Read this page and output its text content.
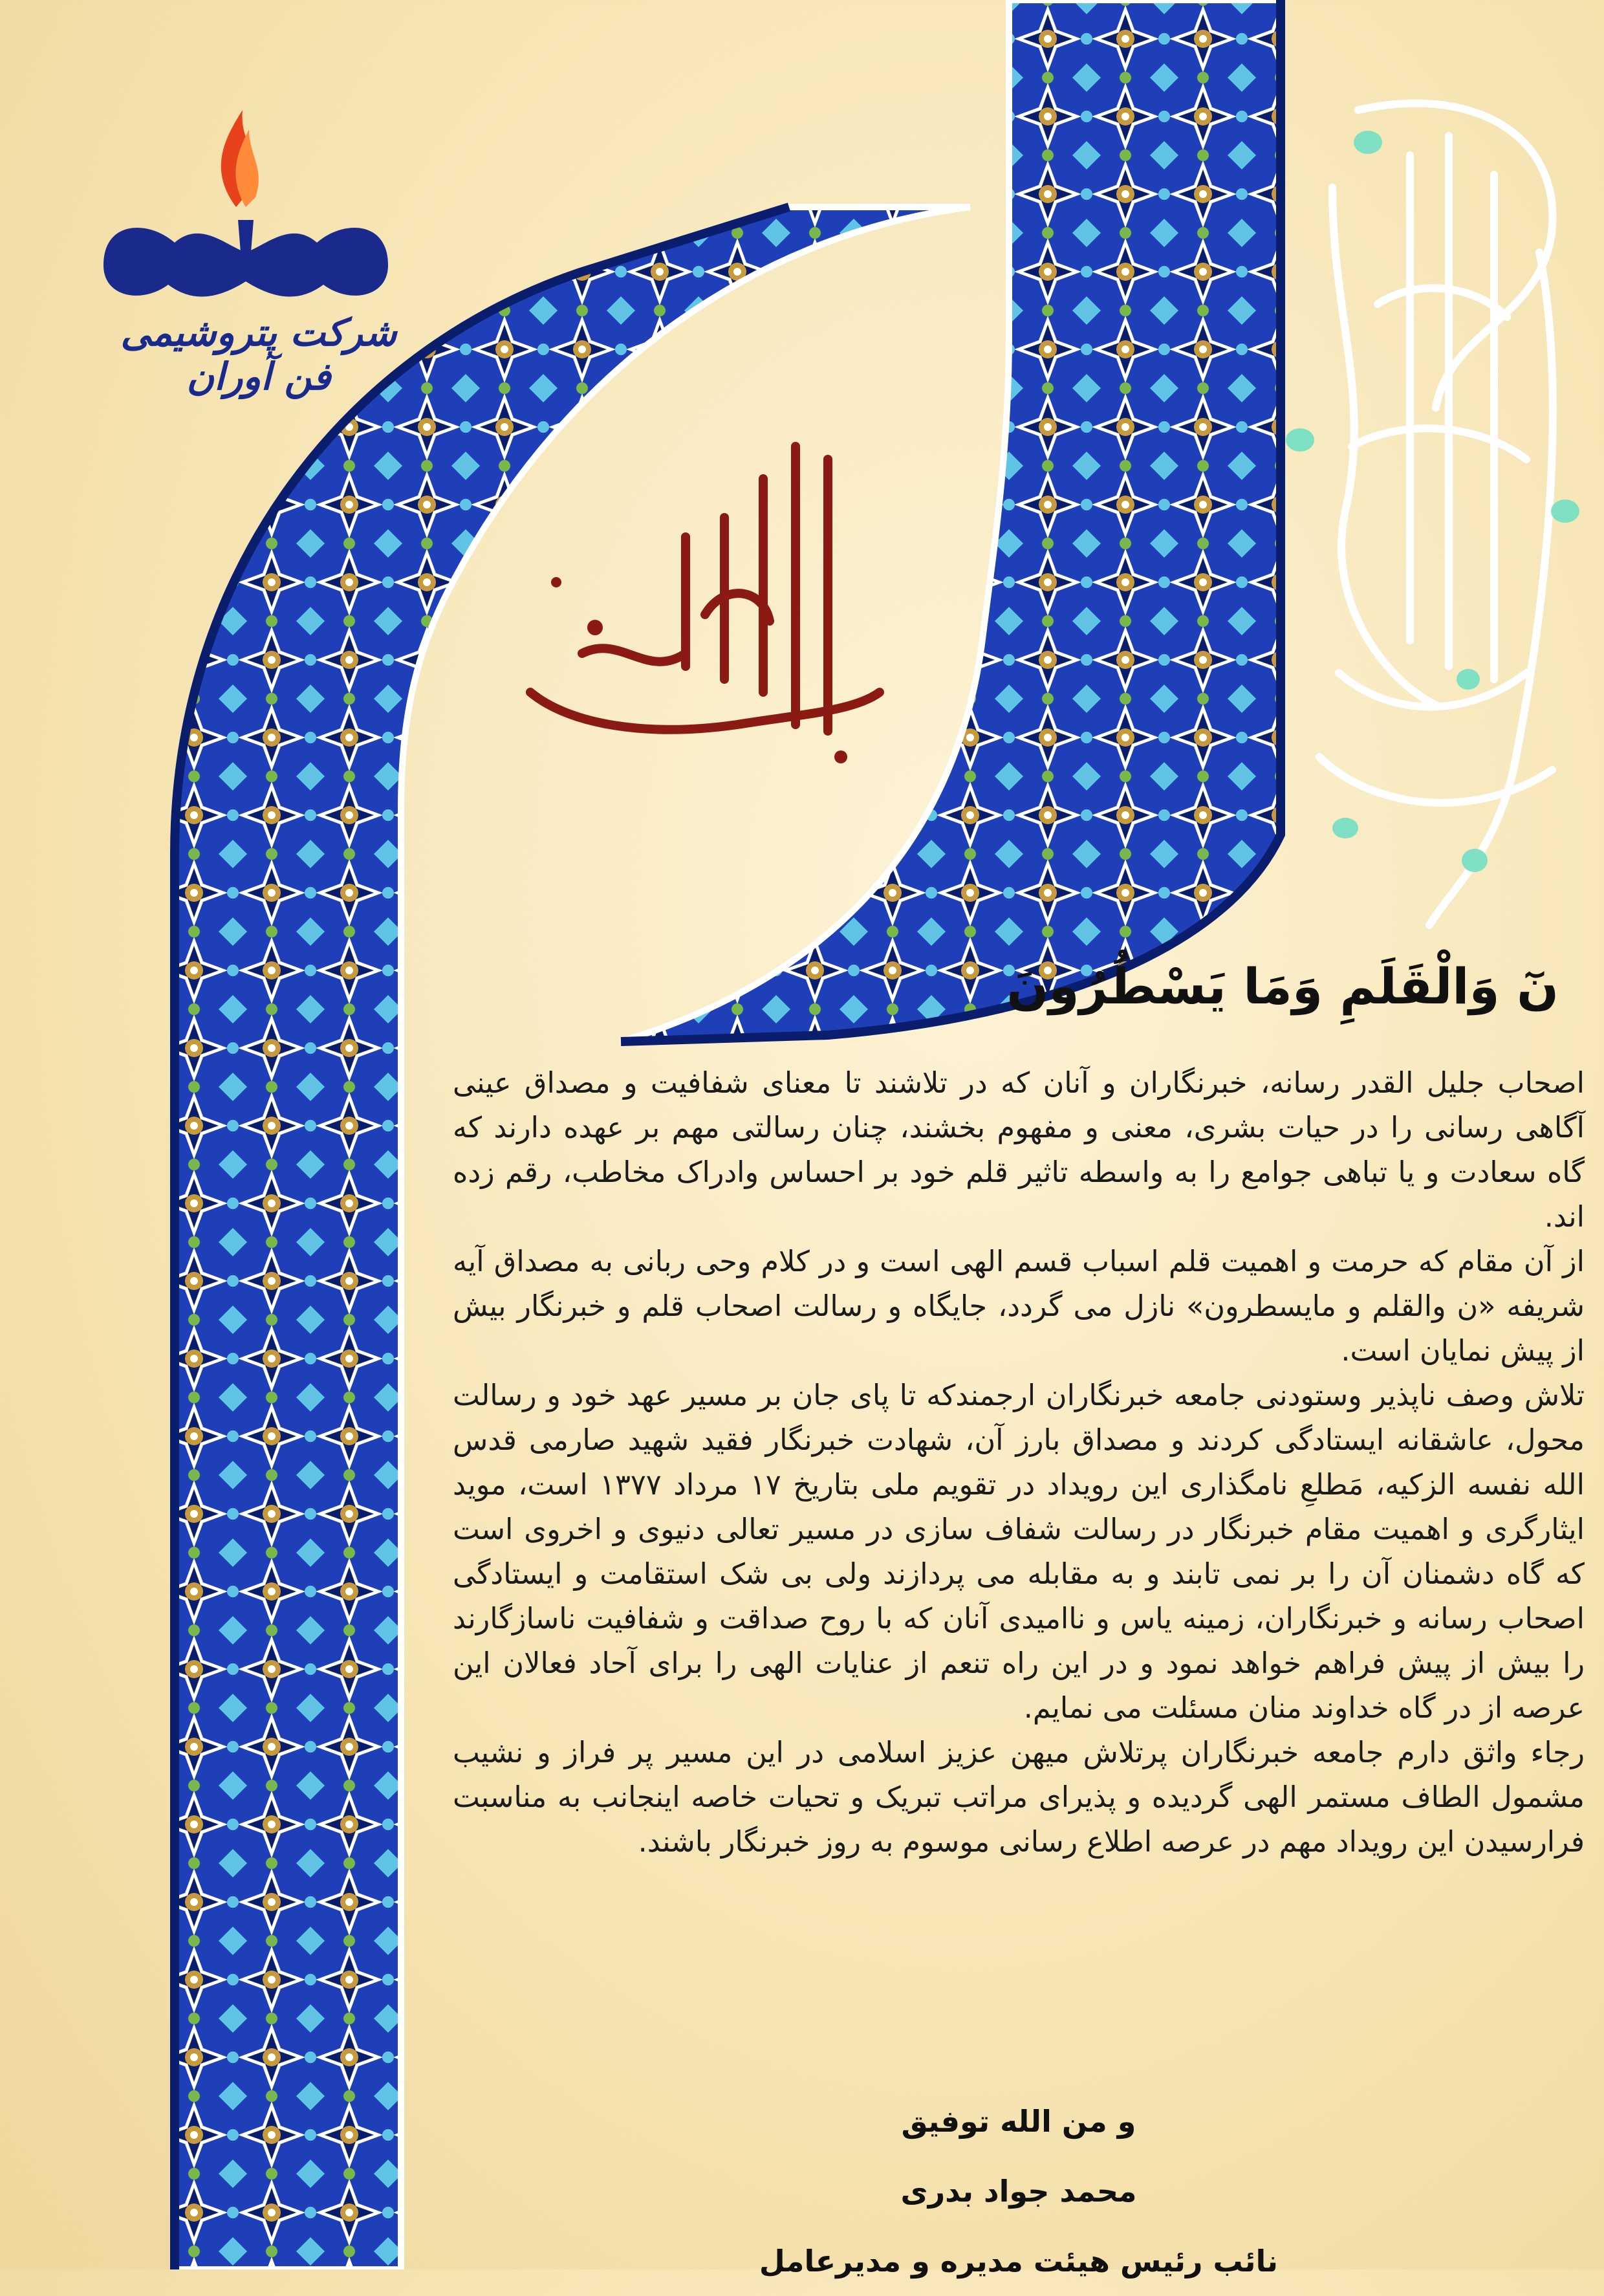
شرکت پتروشیمی فن آوران
نٓ وَالْقَلَمِ وَمَا يَسْطُرُونَ

اصحاب جلیل القدر رسانه، خبرنگاران و آنان که در تلاشند تا معنای شفافیت و مصداق عینی آگاهی رسانی را در حیات بشری، معنی و مفهوم بخشند، چنان رسالتی مهم بر عهده دارند که گاه سعادت و یا تباهی جوامع را به واسطه تاثیر قلم خود بر احساس وادراک مخاطب، رقم زده اند.

از آن مقام که حرمت و اهمیت قلم اسباب قسم الهی است و در کلام وحی ربانی به مصداق آیه شریفه «ن والقلم و مایسطرون» نازل می گردد، جایگاه و رسالت اصحاب قلم و خبرنگار بیش از پیش نمایان است.

تلاش وصف ناپذیر وستودنی جامعه خبرنگاران ارجمندکه تا پای جان بر مسیر عهد خود و رسالت محول، عاشقانه ایستادگی کردند و مصداق بارز آن، شهادت خبرنگار فقید شهید صارمی قدس الله نفسه الزکیه، مَطلعِ نامگذاری این رویداد در تقویم ملی بتاریخ ۱۷ مرداد ۱۳۷۷ است، موید ایثارگری و اهمیت مقام خبرنگار در رسالت شفاف سازی در مسیر تعالی دنیوی و اخروی است که گاه دشمنان آن را بر نمی تابند و به مقابله می پردازند ولی بی شک استقامت و ایستادگی اصحاب رسانه و خبرنگاران، زمینه یاس و ناامیدی آنان که با روح صداقت و شفافیت ناسازگارند را بیش از پیش فراهم خواهد نمود و در این راه تنعم از عنایات الهی را برای آحاد فعالان این عرصه از در گاه خداوند منان مسئلت می نمایم.

رجاء واثق دارم جامعه خبرنگاران پرتلاش میهن عزیز اسلامی در این مسیر پر فراز و نشیب مشمول الطاف مستمر الهی گردیده و پذیرای مراتب تبریک و تحیات خاصه اینجانب به مناسبت فرارسیدن این رویداد مهم در عرصه اطلاع رسانی موسوم به روز خبرنگار باشند.

و من الله توفیق
محمد جواد بدری
نائب رئیس هیئت مدیره و مدیرعامل
